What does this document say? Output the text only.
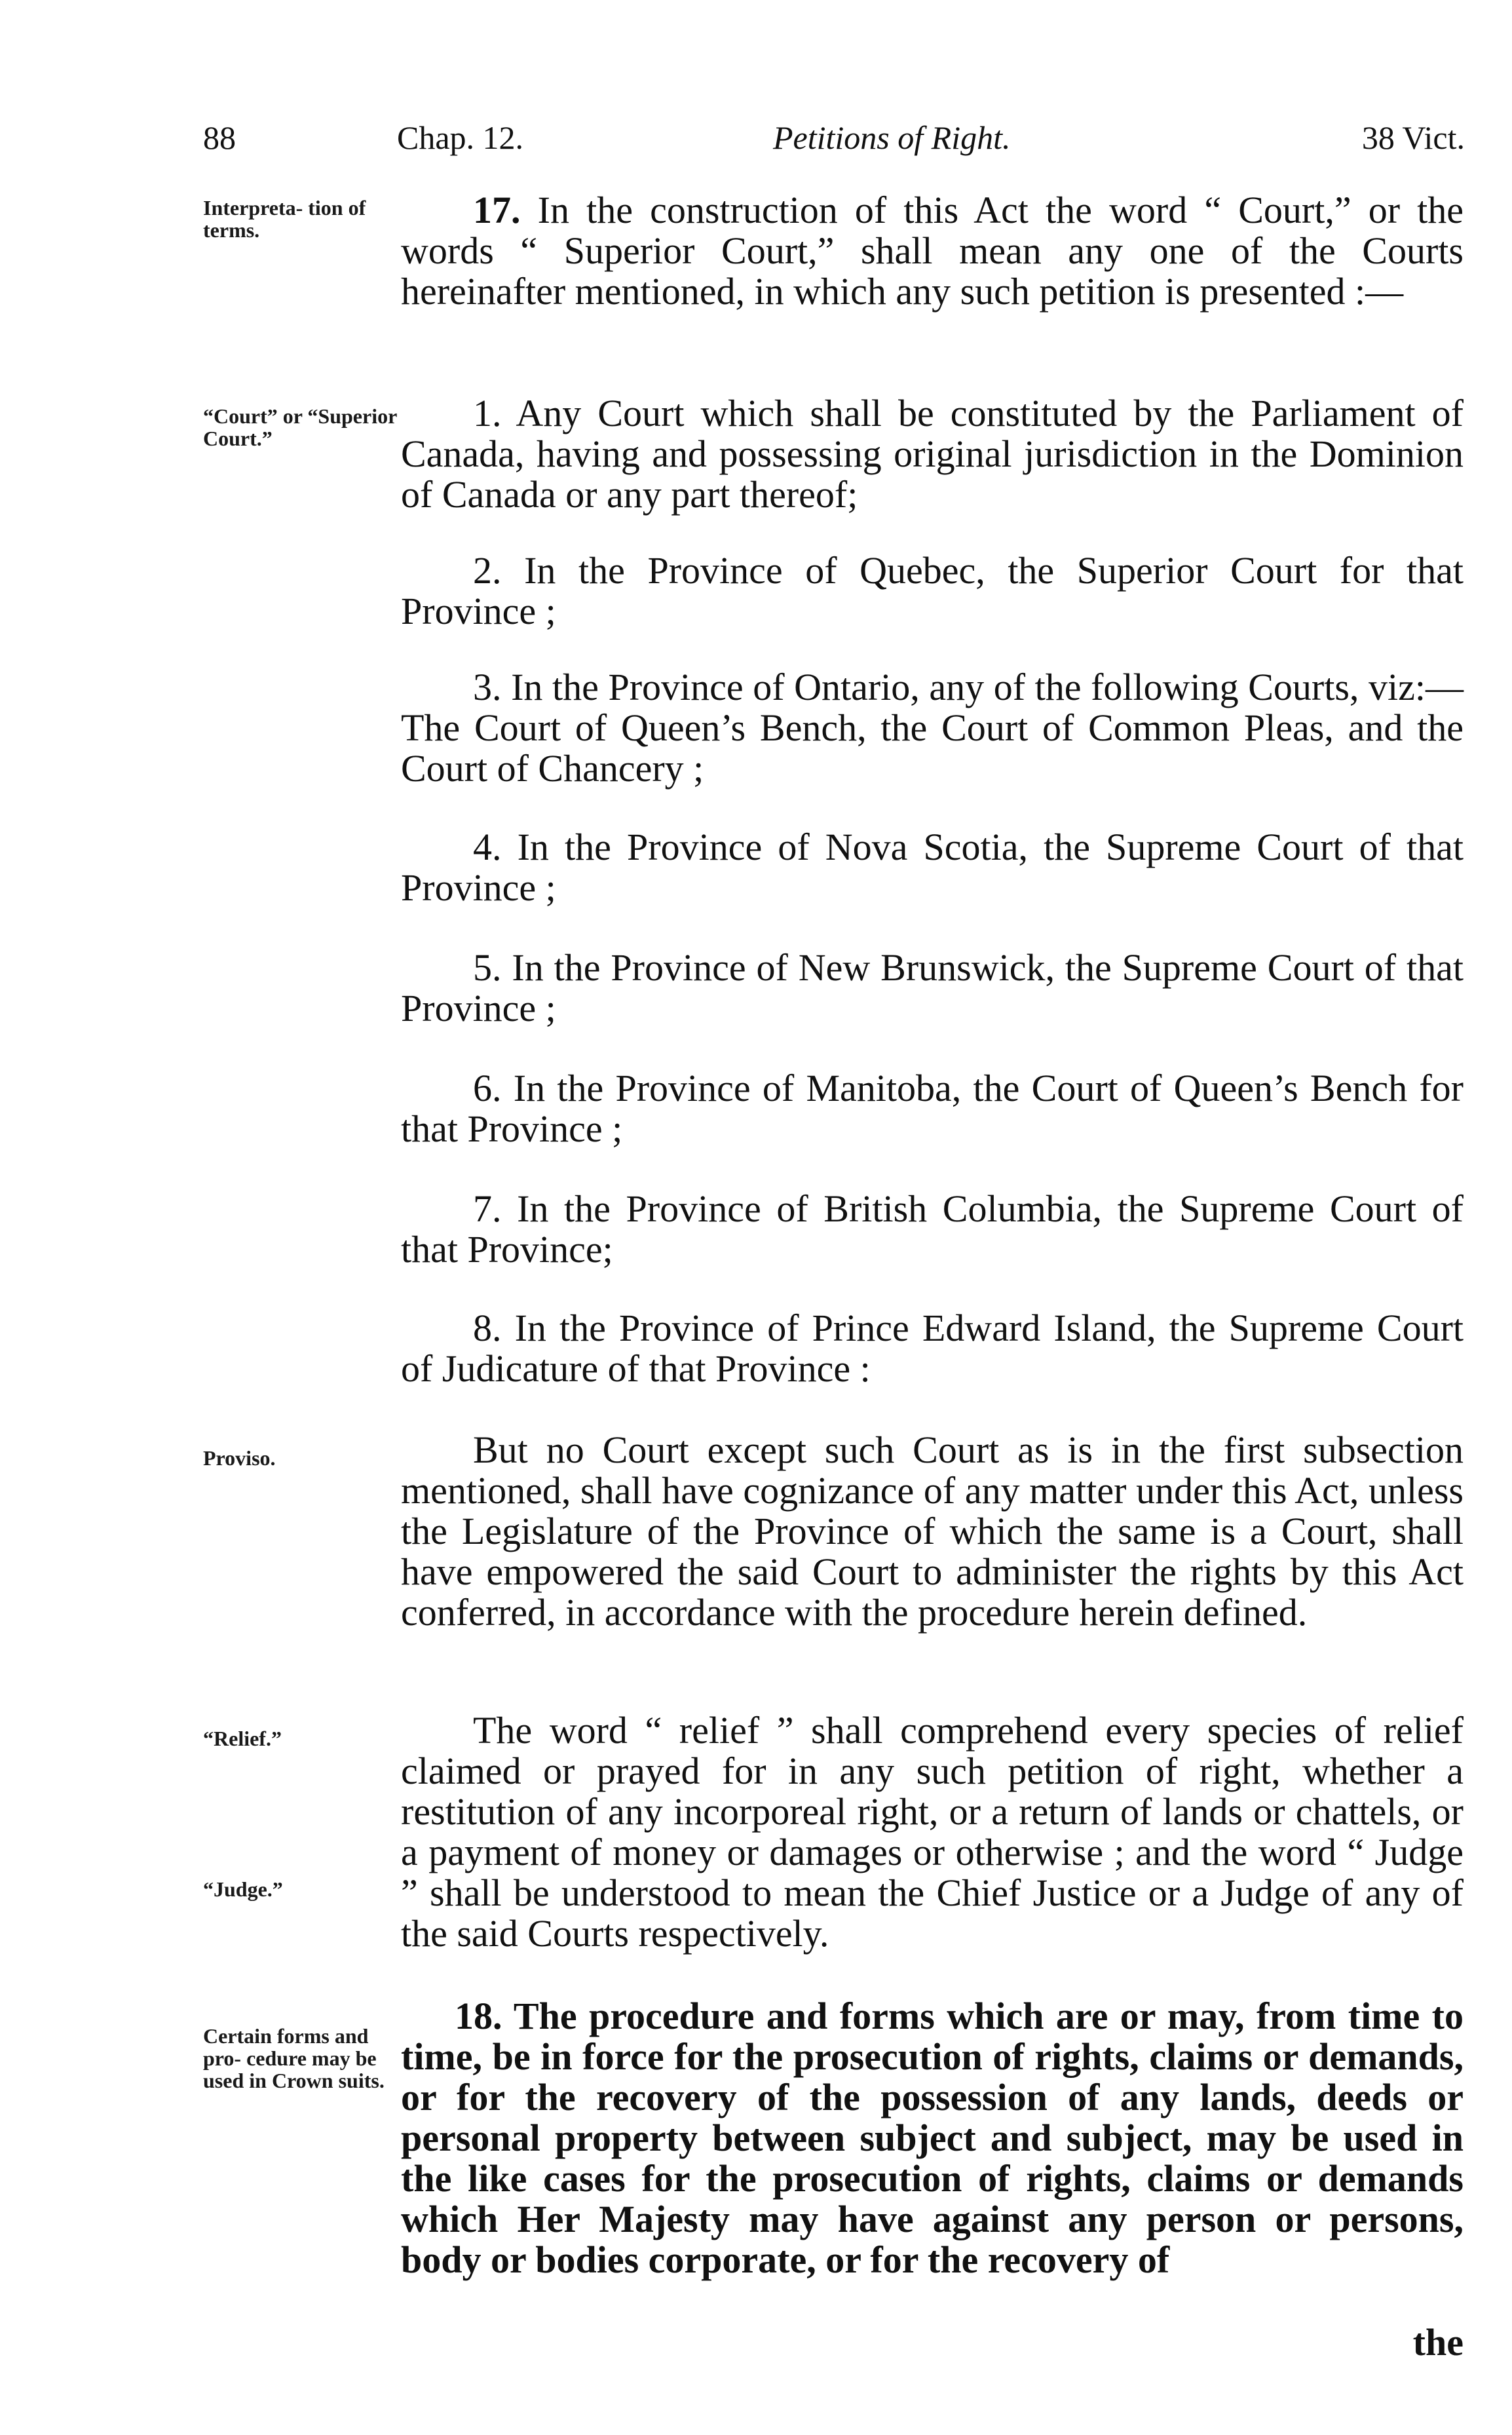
88	Chap. 12.	Petitions of Right.	38 Vict.
Interpreta- tion of terms.
“Court” or “Superior Court.”
Proviso.
“Relief.”
“Judge.”
Certain forms and pro- cedure may be used in Crown suits.
17. In the construction of this Act the word “ Court,” or the words “ Superior Court,” shall mean any one of the Courts hereinafter mentioned, in which any such petition is presented :—
1. Any Court which shall be constituted by the Parliament of Canada, having and possessing original jurisdiction in the Dominion of Canada or any part thereof;
2. In the Province of Quebec, the Superior Court for that Province ;
3. In the Province of Ontario, any of the following Courts, viz:—The Court of Queen’s Bench, the Court of Common Pleas, and the Court of Chancery ;
4. In the Province of Nova Scotia, the Supreme Court of that Province ;
5. In the Province of New Brunswick, the Supreme Court of that Province ;
6. In the Province of Manitoba, the Court of Queen’s Bench for that Province ;
7. In the Province of British Columbia, the Supreme Court of that Province;
8. In the Province of Prince Edward Island, the Supreme Court of Judicature of that Province :
But no Court except such Court as is in the first subsection mentioned, shall have cognizance of any matter under this Act, unless the Legislature of the Province of which the same is a Court, shall have empowered the said Court to administer the rights by this Act conferred, in accordance with the procedure herein defined.
The word “ relief ” shall comprehend every species of relief claimed or prayed for in any such petition of right, whether a restitution of any incorporeal right, or a return of lands or chattels, or a payment of money or damages or otherwise ; and the word “ Judge ” shall be understood to mean the Chief Justice or a Judge of any of the said Courts respectively.
18. The procedure and forms which are or may, from time to time, be in force for the prosecution of rights, claims or demands, or for the recovery of the possession of any lands, deeds or personal property between subject and subject, may be used in the like cases for the prosecution of rights, claims or demands which Her Majesty may have against any person or persons, body or bodies corporate, or for the recovery of
the
